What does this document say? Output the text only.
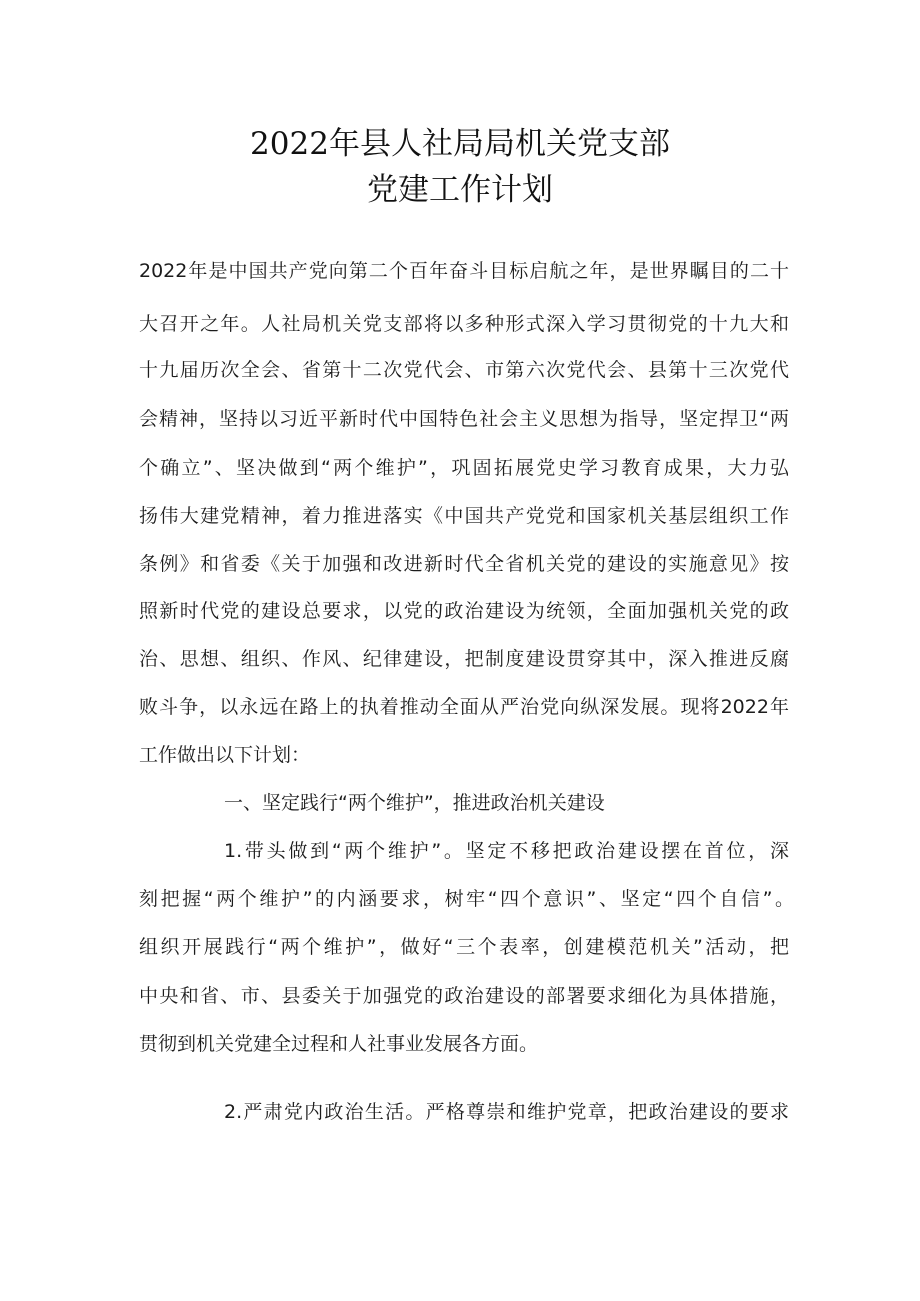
2022年县人社局局机关党支部
党建工作计划
2022年是中国共产党向第二个百年奋斗目标启航之年，是世界瞩目的二十
大召开之年。人社局机关党支部将以多种形式深入学习贯彻党的十九大和
十九届历次全会、省第十二次党代会、市第六次党代会、县第十三次党代
会精神，坚持以习近平新时代中国特色社会主义思想为指导，坚定捍卫“两
个确立”、坚决做到“两个维护”，巩固拓展党史学习教育成果，大力弘
扬伟大建党精神，着力推进落实《中国共产党党和国家机关基层组织工作
条例》和省委《关于加强和改进新时代全省机关党的建设的实施意见》按
照新时代党的建设总要求，以党的政治建设为统领，全面加强机关党的政
治、思想、组织、作风、纪律建设，把制度建设贯穿其中，深入推进反腐
败斗争，以永远在路上的执着推动全面从严治党向纵深发展。现将2022年
工作做出以下计划：
一、坚定践行“两个维护”，推进政治机关建设
1.带头做到“两个维护”。坚定不移把政治建设摆在首位，深
刻把握“两个维护”的内涵要求，树牢“四个意识”、坚定“四个自信”。
组织开展践行“两个维护”，做好“三个表率，创建模范机关”活动，把
中央和省、市、县委关于加强党的政治建设的部署要求细化为具体措施，
贯彻到机关党建全过程和人社事业发展各方面。
2.严肃党内政治生活。严格尊崇和维护党章，把政治建设的要求
